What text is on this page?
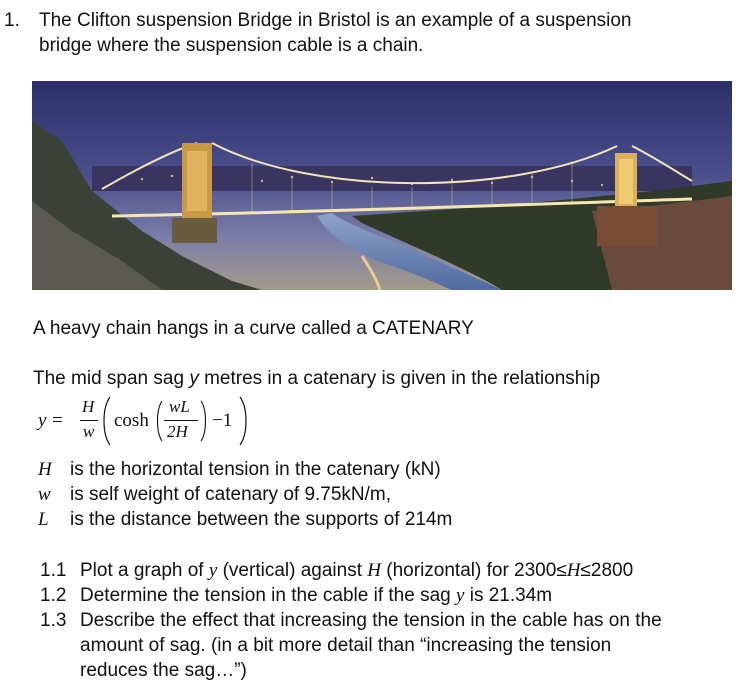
1. The Clifton suspension Bridge in Bristol is an example of a suspension
bridge where the suspension cable is a chain.
A heavy chain hangs in a curve called a CATENARY
The mid span sag y metres in a catenary is given in the relationship
y =
H
w
cosh
wL
2H
−1
H is the horizontal tension in the catenary (kN)
w is self weight of catenary of 9.75kN/m,
L is the distance between the supports of 214m
1.1 Plot a graph of y (vertical) against H (horizontal) for 2300≤H≤2800
1.2 Determine the tension in the cable if the sag y is 21.34m
1.3 Describe the effect that increasing the tension in the cable has on the
amount of sag. (in a bit more detail than “increasing the tension
reduces the sag…”)
